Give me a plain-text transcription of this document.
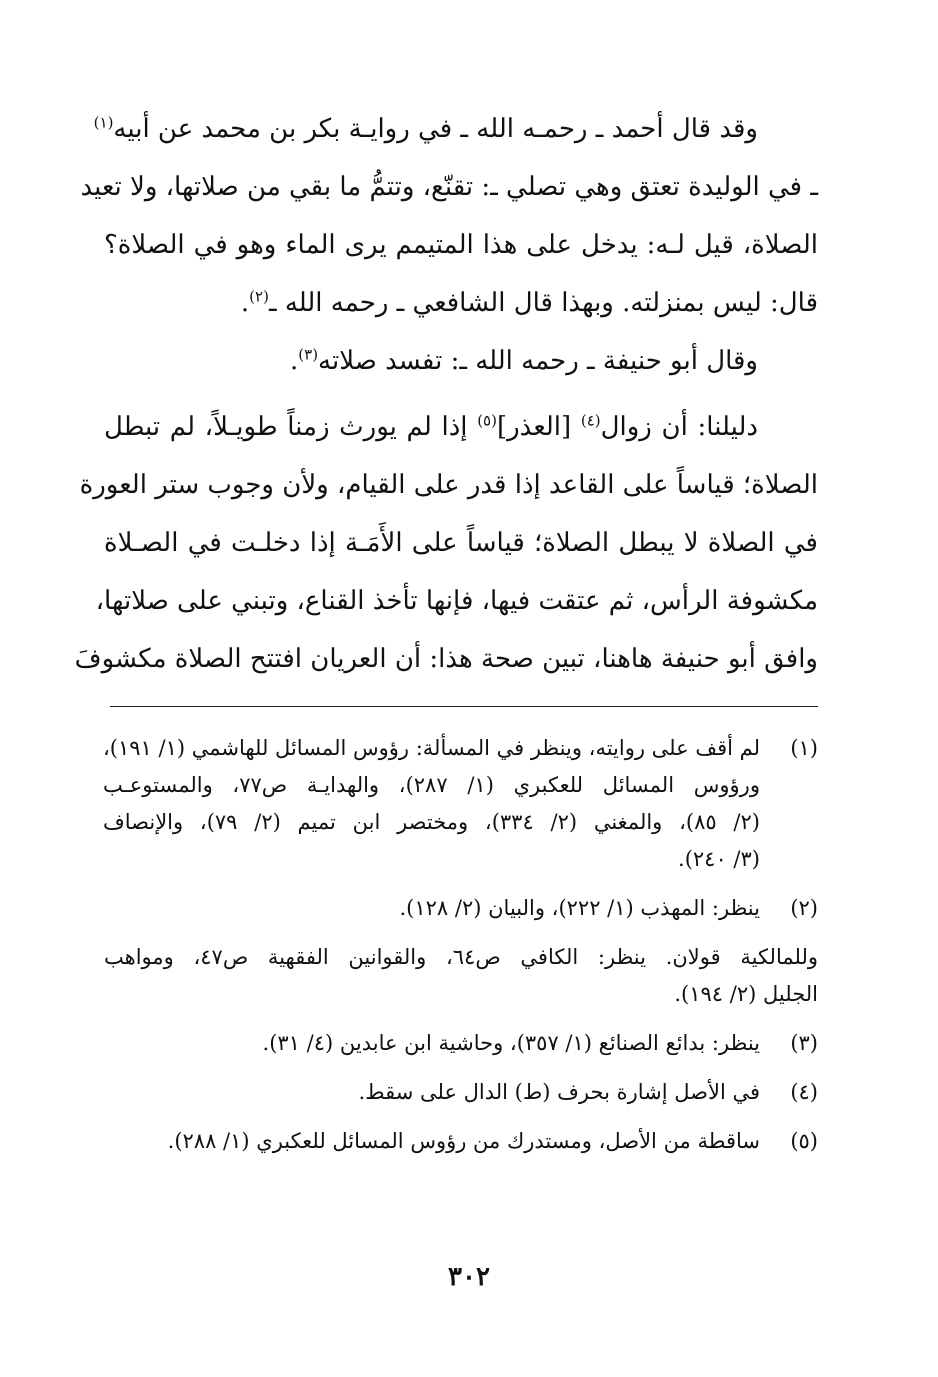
وقد قال أحمد ـ رحمـه الله ـ في روايـة بكر بن محمد عن أبيه$^{(١)}$
ـ في الوليدة تعتق وهي تصلي ـ: تقنّع، وتتمُّ ما بقي من صلاتها، ولا تعيد
الصلاة، قيل لـه: يدخل على هذا المتيمم يرى الماء وهو في الصلاة؟
قال: ليس بمنزلته. وبهذا قال الشافعي ـ رحمه الله ـ$^{(٢)}$.
وقال أبو حنيفة ـ رحمه الله ـ: تفسد صلاته$^{(٣)}$.
دليلنا: أن زوال$^{(٤)}$ [العذر]$^{(٥)}$ إذا لم يورث زمناً طويـلاً، لم تبطل
الصلاة؛ قياساً على القاعد إذا قدر على القيام، ولأن وجوب ستر العورة
في الصلاة لا يبطل الصلاة؛ قياساً على الأَمَـة إذا دخلـت في الصـلاة
مكشوفة الرأس، ثم عتقت فيها، فإنها تأخذ القناع، وتبني على صلاتها،
وافق أبو حنيفة هاهنا، تبين صحة هذا: أن العريان افتتح الصلاة مكشوفَ
(١)
لم أقف على روايته، وينظر في المسألة: رؤوس المسائل للهاشمي (١/ ١٩١)،
ورؤوس المسائل للعكبري (١/ ٢٨٧)، والهدايـة ص٧٧، والمستوعـب
(٢/ ٨٥)، والمغني (٢/ ٣٣٤)، ومختصر ابن تميم (٢/ ٧٩)، والإنصاف
(٣/ ٢٤٠).
(٢)
ينظر: المهذب (١/ ٢٢٢)، والبيان (٢/ ١٢٨).
وللمالكية قولان. ينظر: الكافي ص٦٤، والقوانين الفقهية ص٤٧، ومواهب
الجليل (٢/ ١٩٤).
(٣)
ينظر: بدائع الصنائع (١/ ٣٥٧)، وحاشية ابن عابدين (٤/ ٣١).
(٤)
في الأصل إشارة بحرف (ط) الدال على سقط.
(٥)
ساقطة من الأصل، ومستدرك من رؤوس المسائل للعكبري (١/ ٢٨٨).
٣٠٢
